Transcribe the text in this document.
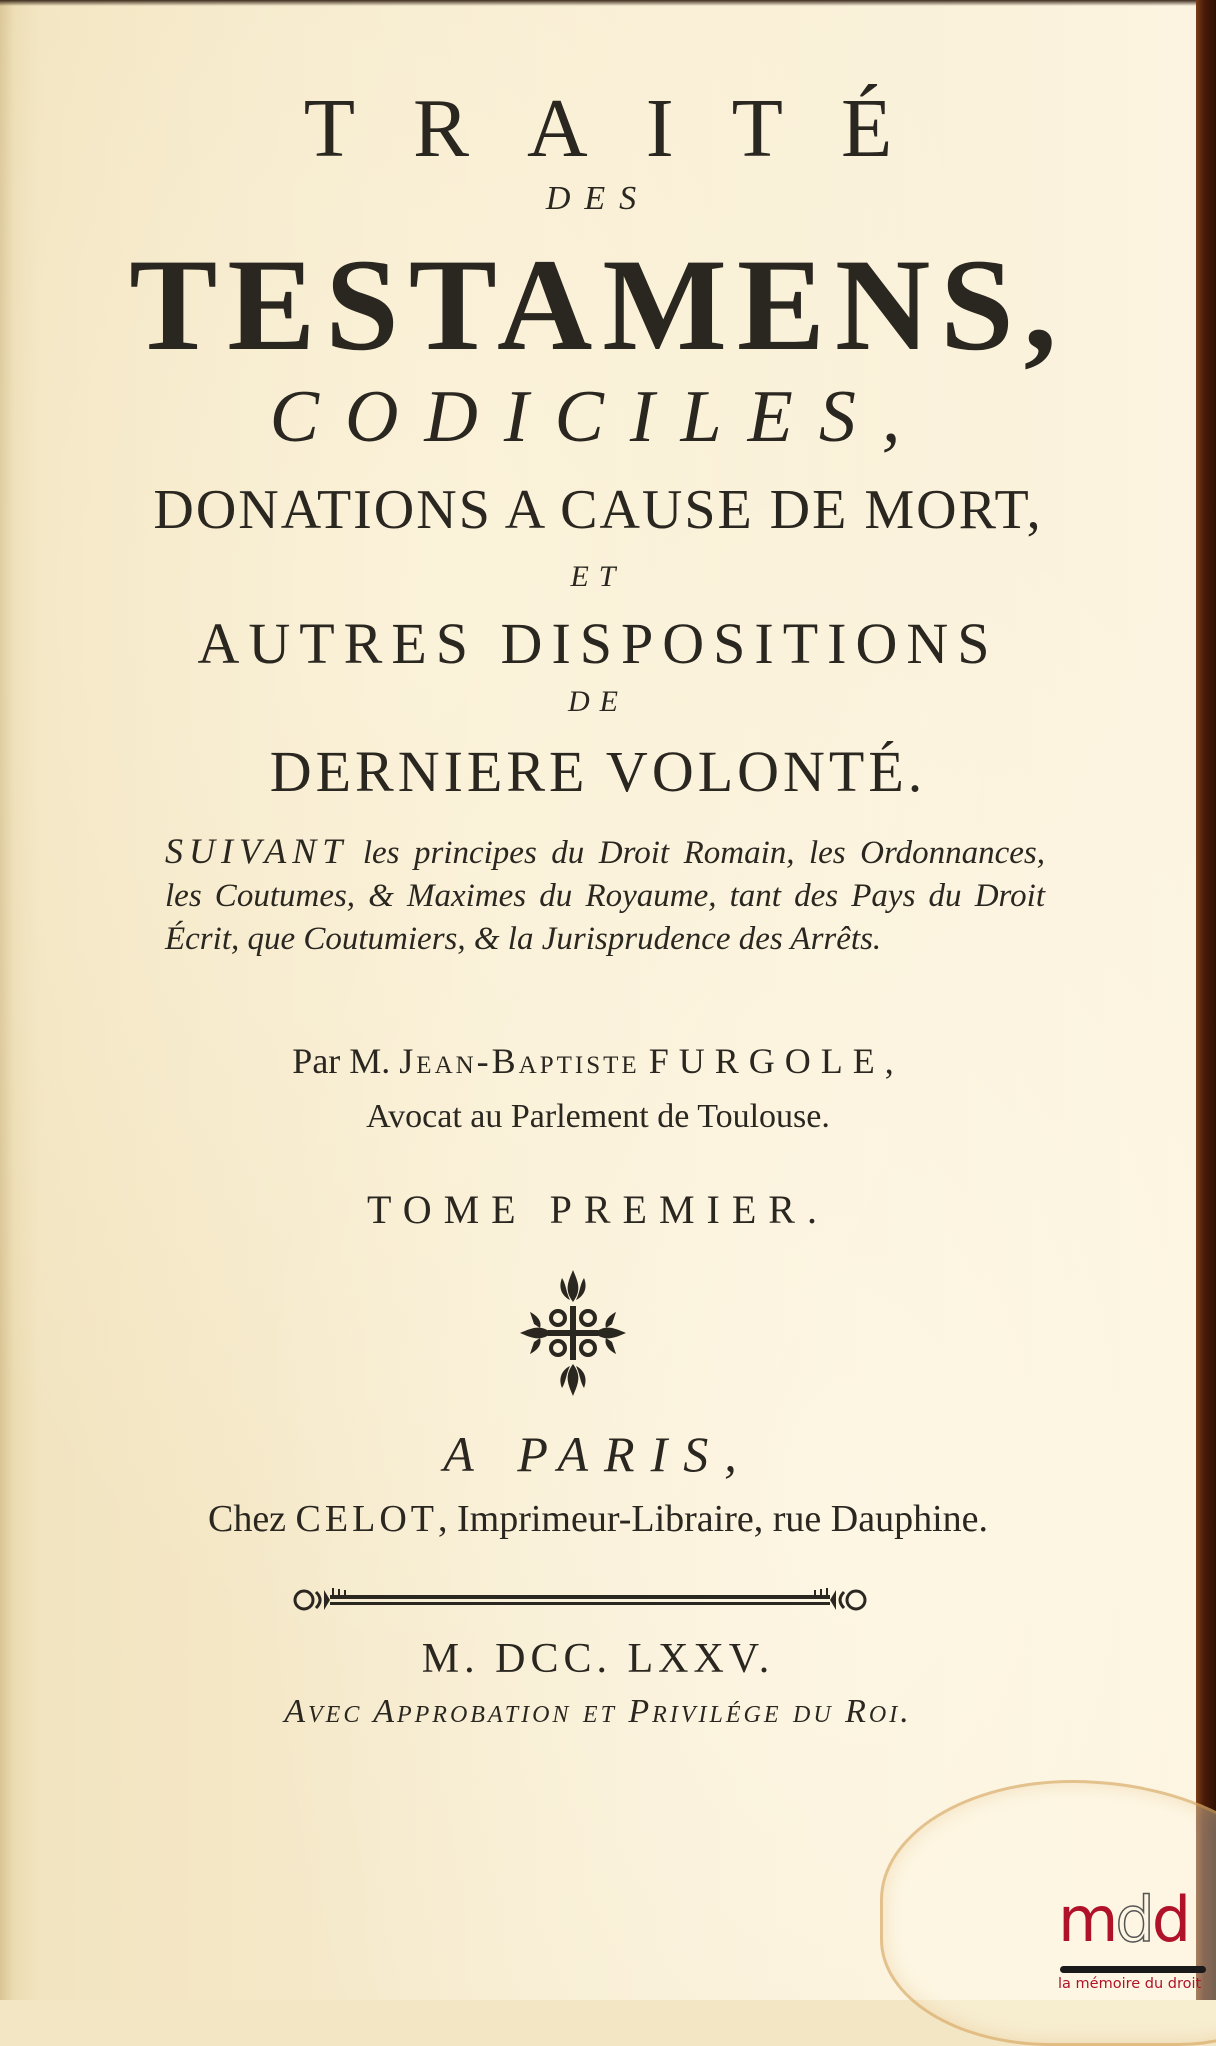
TRAITÉ
DES
TESTAMENS,
CODICILES,
DONATIONS A CAUSE DE MORT,
ET
AUTRES DISPOSITIONS
DE
DERNIERE VOLONTÉ.
SUIVANT les principes du Droit Romain, les Ordonnances, les Coutumes, & Maximes du Royaume, tant des Pays du Droit Écrit, que Coutumiers, & la Jurisprudence des Arrêts.
Par M. Jean-Baptiste FURGOLE,
Avocat au Parlement de Toulouse.
TOME PREMIER.
A PARIS,
Chez CELOT, Imprimeur-Libraire, rue Dauphine.
M. DCC. LXXV.
Avec Approbation et Privilége du Roi.
mdd
la mémoire du droit
